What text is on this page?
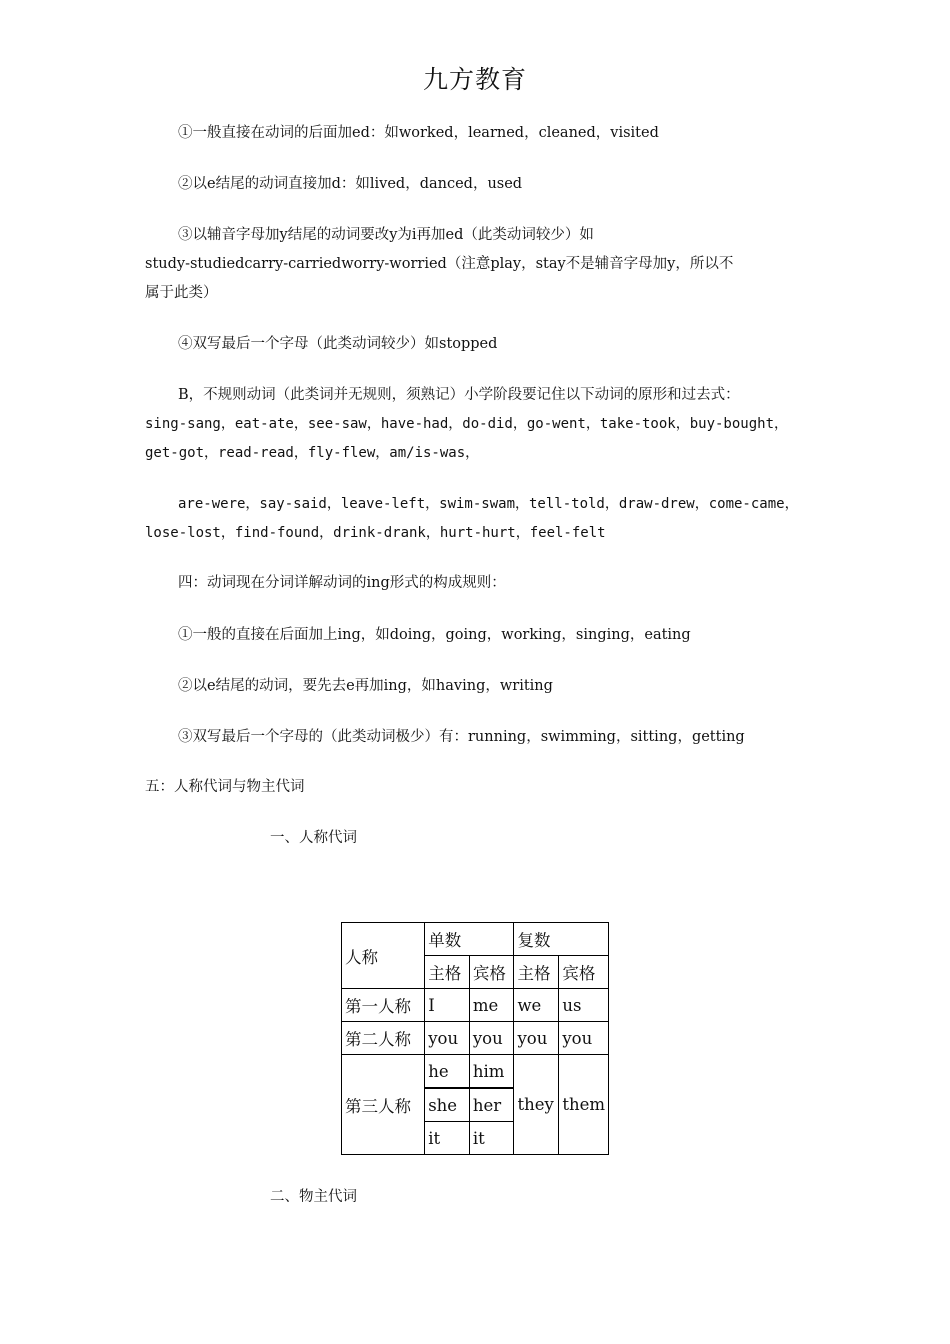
九方教育
①一般直接在动词的后面加ed：如worked，learned，cleaned，visited
②以e结尾的动词直接加d：如lived，danced，used
③以辅音字母加y结尾的动词要改y为i再加ed（此类动词较少）如
study-studiedcarry-carriedworry-worried（注意play，stay不是辅音字母加y，所以不
属于此类）
④双写最后一个字母（此类动词较少）如stopped
B，不规则动词（此类词并无规则，须熟记）小学阶段要记住以下动词的原形和过去式：
sing-sang，eat-ate，see-saw，have-had，do-did，go-went，take-took，buy-bought，
get-got，read-read，fly-flew，am/is-was，
are-were，say-said，leave-left，swim-swam，tell-told，draw-drew，come-came，
lose-lost，find-found，drink-drank，hurt-hurt，feel-felt
四：动词现在分词详解动词的ing形式的构成规则：
①一般的直接在后面加上ing，如doing，going，working，singing，eating
②以e结尾的动词，要先去e再加ing，如having，writing
③双写最后一个字母的（此类动词极少）有：running，swimming，sitting，getting
五：人称代词与物主代词
一、人称代词
人称	单数		复数	
	主格	宾格	主格	宾格
第一人称	I	me	we	us
第二人称	you	you	you	you
第三人称	he	him	they	them
	she	her		
	it	it		
二、物主代词
